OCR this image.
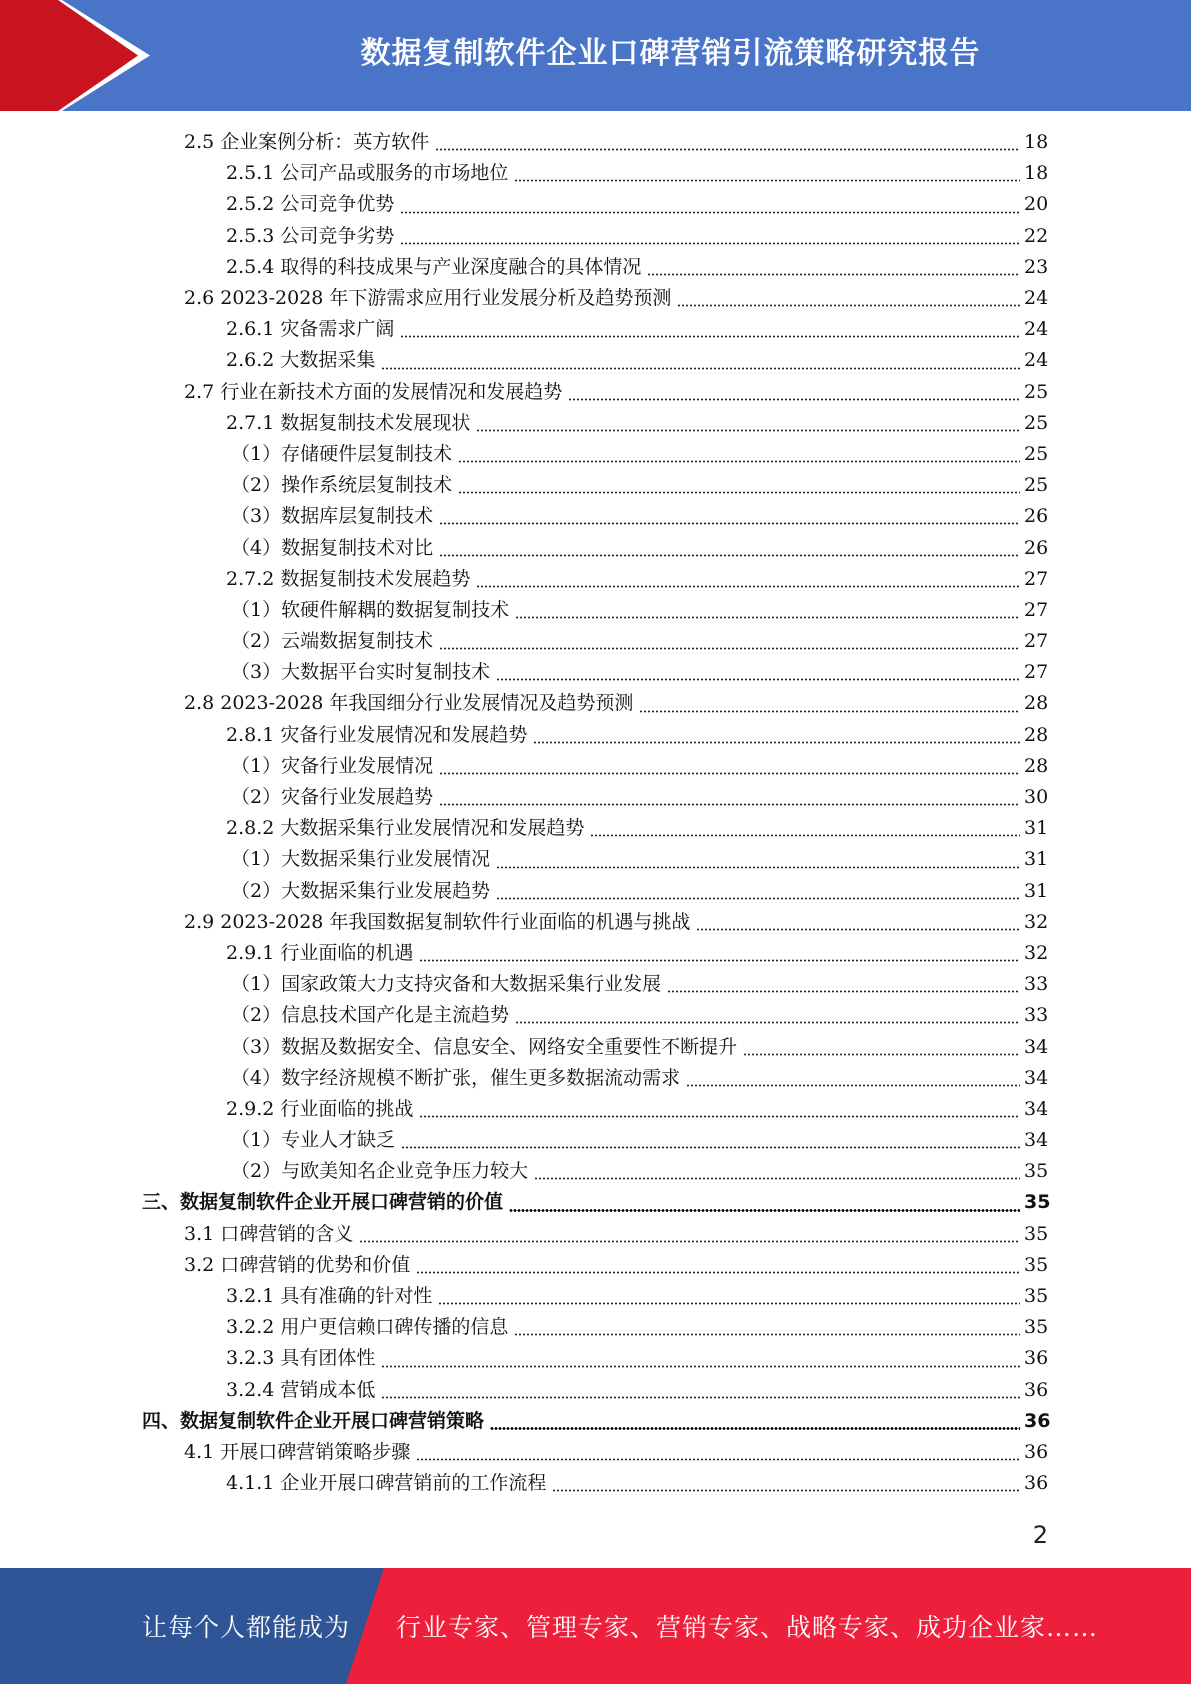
数据复制软件企业口碑营销引流策略研究报告
2.5 企业案例分析：英方软件	18
2.5.1 公司产品或服务的市场地位	18
2.5.2 公司竞争优势	20
2.5.3 公司竞争劣势	22
2.5.4 取得的科技成果与产业深度融合的具体情况	23
2.6 2023-2028 年下游需求应用行业发展分析及趋势预测	24
2.6.1 灾备需求广阔	24
2.6.2 大数据采集	24
2.7 行业在新技术方面的发展情况和发展趋势	25
2.7.1 数据复制技术发展现状	25
（1）存储硬件层复制技术	25
（2）操作系统层复制技术	25
（3）数据库层复制技术	26
（4）数据复制技术对比	26
2.7.2 数据复制技术发展趋势	27
（1）软硬件解耦的数据复制技术	27
（2）云端数据复制技术	27
（3）大数据平台实时复制技术	27
2.8 2023-2028 年我国细分行业发展情况及趋势预测	28
2.8.1 灾备行业发展情况和发展趋势	28
（1）灾备行业发展情况	28
（2）灾备行业发展趋势	30
2.8.2 大数据采集行业发展情况和发展趋势	31
（1）大数据采集行业发展情况	31
（2）大数据采集行业发展趋势	31
2.9 2023-2028 年我国数据复制软件行业面临的机遇与挑战	32
2.9.1 行业面临的机遇	32
（1）国家政策大力支持灾备和大数据采集行业发展	33
（2）信息技术国产化是主流趋势	33
（3）数据及数据安全、信息安全、网络安全重要性不断提升	34
（4）数字经济规模不断扩张，催生更多数据流动需求	34
2.9.2 行业面临的挑战	34
（1）专业人才缺乏	34
（2）与欧美知名企业竞争压力较大	35
三、数据复制软件企业开展口碑营销的价值	35
3.1 口碑营销的含义	35
3.2 口碑营销的优势和价值	35
3.2.1 具有准确的针对性	35
3.2.2 用户更信赖口碑传播的信息	35
3.2.3 具有团体性	36
3.2.4 营销成本低	36
四、数据复制软件企业开展口碑营销策略	36
4.1 开展口碑营销策略步骤	36
4.1.1 企业开展口碑营销前的工作流程	36
2
让每个人都能成为 行业专家、管理专家、营销专家、战略专家、成功企业家……
